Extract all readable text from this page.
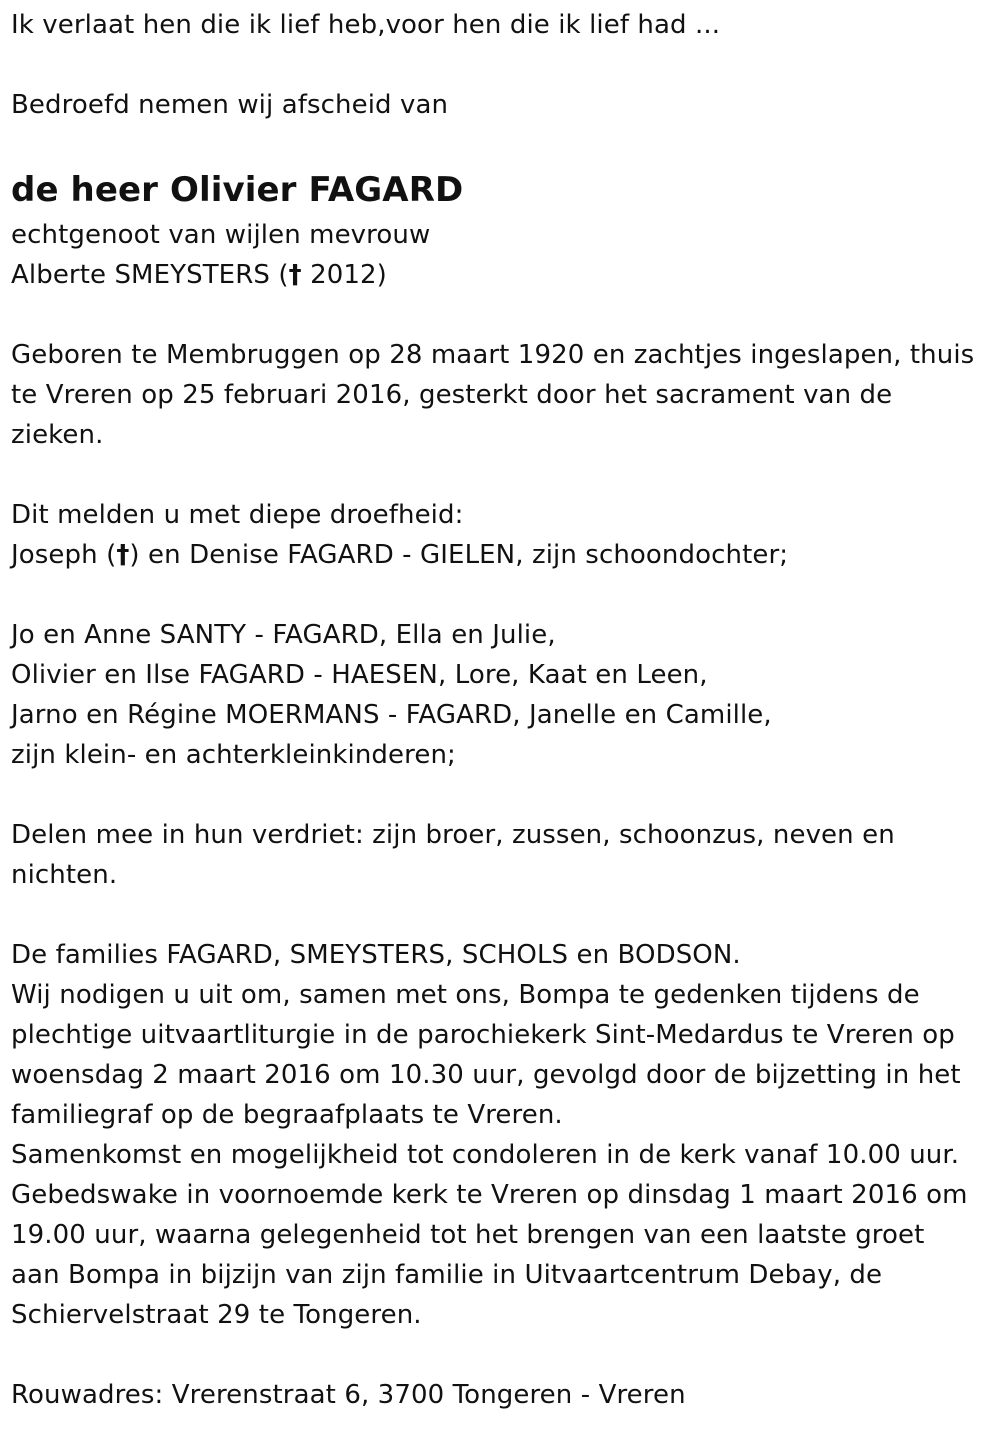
Ik verlaat hen die ik lief heb,voor hen die ik lief had ...
Bedroefd nemen wij afscheid van
de heer Olivier FAGARD
echtgenoot van wijlen mevrouw
Alberte SMEYSTERS († 2012)
Geboren te Membruggen op 28 maart 1920 en zachtjes ingeslapen, thuis
te Vreren op 25 februari 2016, gesterkt door het sacrament van de
zieken.
Dit melden u met diepe droefheid:
Joseph (†) en Denise FAGARD - GIELEN, zijn schoondochter;
Jo en Anne SANTY - FAGARD, Ella en Julie,
Olivier en Ilse FAGARD - HAESEN, Lore, Kaat en Leen,
Jarno en Régine MOERMANS - FAGARD, Janelle en Camille,
zijn klein- en achterkleinkinderen;
Delen mee in hun verdriet: zijn broer, zussen, schoonzus, neven en
nichten.
De families FAGARD, SMEYSTERS, SCHOLS en BODSON.
Wij nodigen u uit om, samen met ons, Bompa te gedenken tijdens de
plechtige uitvaartliturgie in de parochiekerk Sint-Medardus te Vreren op
woensdag 2 maart 2016 om 10.30 uur, gevolgd door de bijzetting in het
familiegraf op de begraafplaats te Vreren.
Samenkomst en mogelijkheid tot condoleren in de kerk vanaf 10.00 uur.
Gebedswake in voornoemde kerk te Vreren op dinsdag 1 maart 2016 om
19.00 uur, waarna gelegenheid tot het brengen van een laatste groet
aan Bompa in bijzijn van zijn familie in Uitvaartcentrum Debay, de
Schiervelstraat 29 te Tongeren.
Rouwadres: Vrerenstraat 6, 3700 Tongeren - Vreren
